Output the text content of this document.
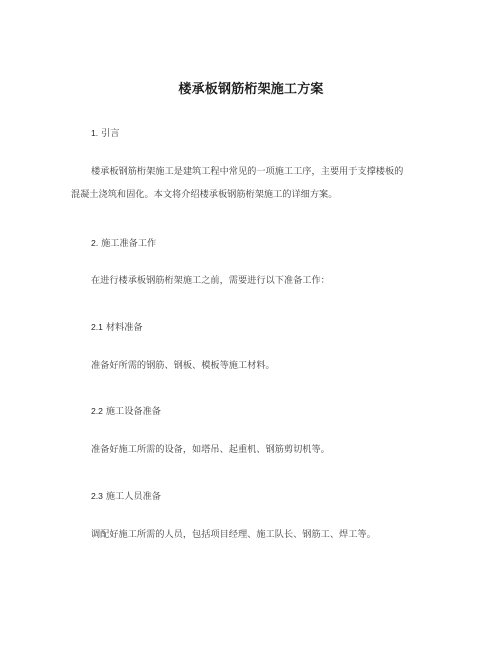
楼承板钢筋桁架施工方案
1. 引言
楼承板钢筋桁架施工是建筑工程中常见的一项施工工序，主要用于支撑楼板的
混凝土浇筑和固化。本文将介绍楼承板钢筋桁架施工的详细方案。
2. 施工准备工作
在进行楼承板钢筋桁架施工之前，需要进行以下准备工作：
2.1 材料准备
准备好所需的钢筋、钢板、模板等施工材料。
2.2 施工设备准备
准备好施工所需的设备，如塔吊、起重机、钢筋剪切机等。
2.3 施工人员准备
调配好施工所需的人员，包括项目经理、施工队长、钢筋工、焊工等。
